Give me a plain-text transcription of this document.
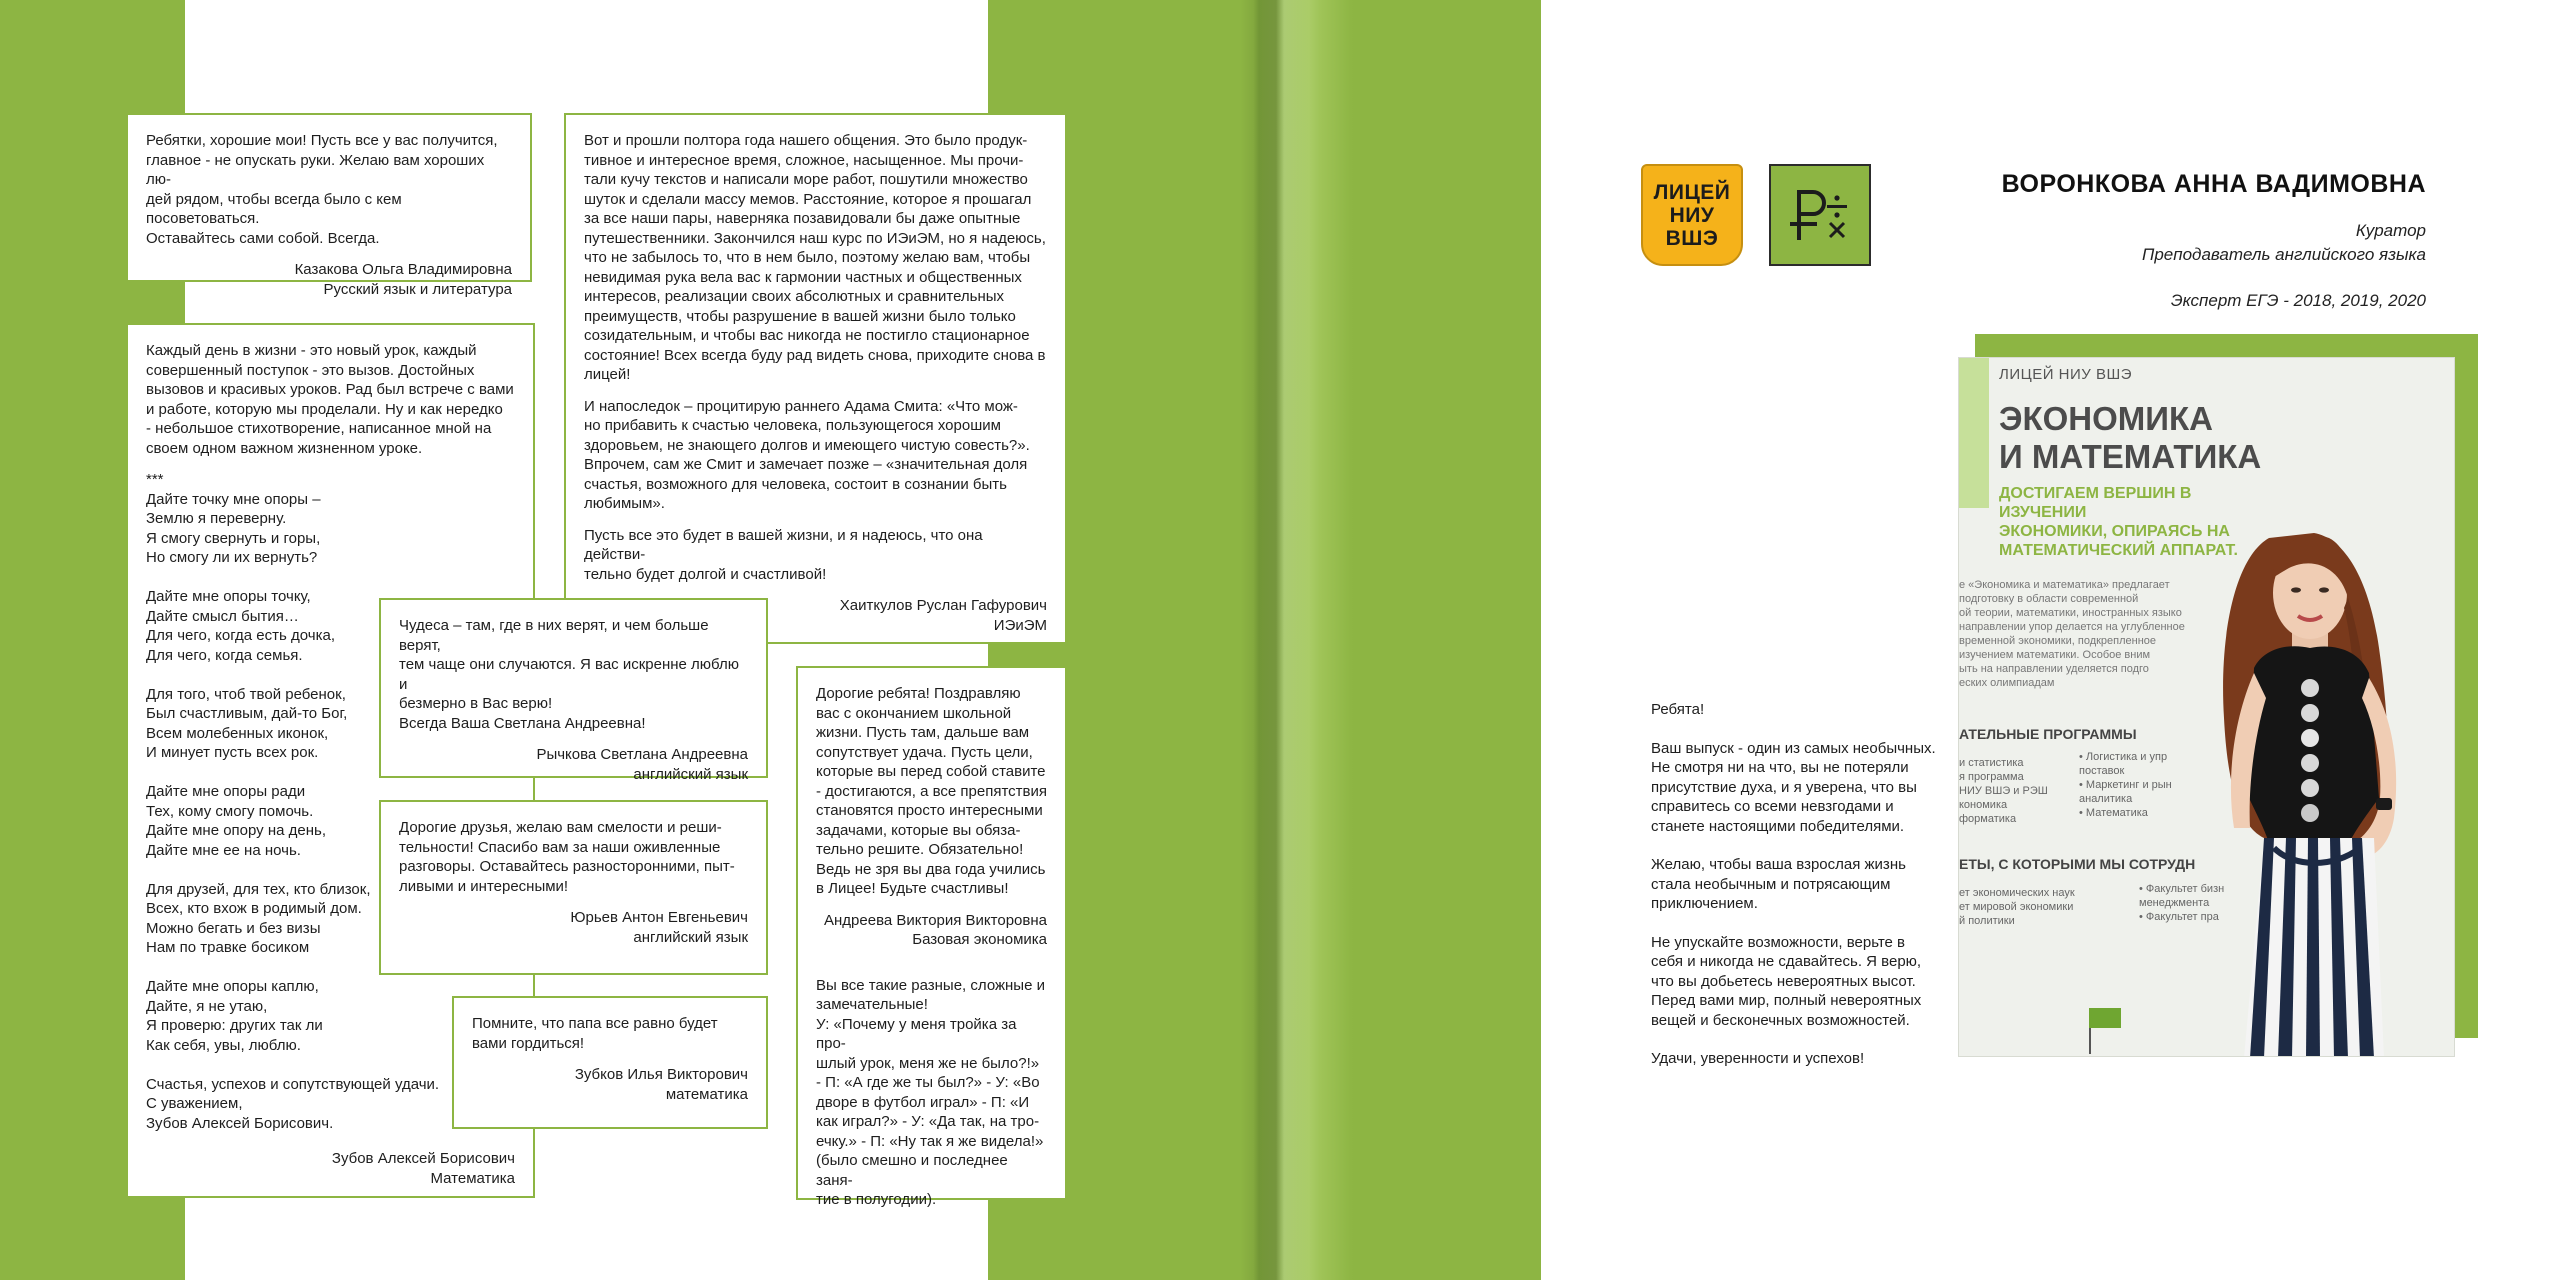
Ребятки, хорошие мои! Пусть все у вас получится,
главное - не опускать руки. Желаю вам хороших лю-
дей рядом, чтобы всегда было с кем посоветоваться.
Оставайтесь сами собой. Всегда.

Казакова Ольга Владимировна
Русский язык и литература

Вот и прошли полтора года нашего общения. Это было продук-
тивное и интересное время, сложное, насыщенное. Мы прочи-
тали кучу текстов и написали море работ, пошутили множество
шуток и сделали массу мемов. Расстояние, которое я прошагал
за все наши пары, наверняка позавидовали бы даже опытные
путешественники. Закончился наш курс по ИЭиЭМ, но я надеюсь,
что не забылось то, что в нем было, поэтому желаю вам, чтобы
невидимая рука вела вас к гармонии частных и общественных
интересов, реализации своих абсолютных и сравнительных
преимуществ, чтобы разрушение в вашей жизни было только
созидательным, и чтобы вас никогда не постигло стационарное
состояние! Всех всегда буду рад видеть снова, приходите снова в
лицей!

И напоследок – процитирую раннего Адама Смита: «Что мож-
но прибавить к счастью человека, пользующегося хорошим
здоровьем, не знающего долгов и имеющего чистую совесть?».
Впрочем, сам же Смит и замечает позже – «значительная доля
счастья, возможного для человека, состоит в сознании быть
любимым».

Пусть все это будет в вашей жизни, и я надеюсь, что она действи-
тельно будет долгой и счастливой!

Хаиткулов Руслан Гафурович
ИЭиЭМ

Каждый день в жизни - это новый урок, каждый
совершенный поступок - это вызов. Достойных
вызовов и красивых уроков. Рад был встрече с вами
и работе, которую мы проделали. Ну и как нередко
- небольшое стихотворение, написанное мной на
своем одном важном жизненном уроке.

***
Дайте точку мне опоры –
Землю я переверну.
Я смогу свернуть и горы,
Но смогу ли их вернуть?

Дайте мне опоры точку,
Дайте смысл бытия…
Для чего, когда есть дочка,
Для чего, когда семья.

Для того, чтоб твой ребенок,
Был счастливым, дай-то Бог,
Всем молебенных иконок,
И минует пусть всех рок.

Дайте мне опоры ради
Тех, кому смогу помочь.
Дайте мне опору на день,
Дайте мне ее на ночь.

Для друзей, для тех, кто близок,
Всех, кто вхож в родимый дом.
Можно бегать и без визы
Нам по травке босиком

Дайте мне опоры каплю,
Дайте, я не утаю,
Я проверю: других так ли
Как себя, увы, люблю.

Счастья, успехов и сопутствующей удачи.
С уважением,
Зубов Алексей Борисович.
Зубов Алексей Борисович
Математика

Чудеса – там, где в них верят, и чем больше верят,
тем чаще они случаются. Я вас искренне люблю и
безмерно в Вас верю!
Всегда Ваша Светлана Андреевна!

Рычкова Светлана Андреевна
английский язык

Дорогие ребята! Поздравляю
вас с окончанием школьной
жизни. Пусть там, дальше вам
сопутствует удача. Пусть цели,
которые вы перед собой ставите
- достигаются, а все препятствия
становятся просто интересными
задачами, которые вы обяза-
тельно решите. Обязательно!
Ведь не зря вы два года учились
в Лицее! Будьте счастливы!

Андреева Виктория Викторовна
Базовая экономика

Вы все такие разные, сложные и
замечательные!
У: «Почему у меня тройка за про-
шлый урок, меня же не было?!»
- П: «А где же ты был?» - У: «Во
дворе в футбол играл» - П: «И
как играл?» - У: «Да так, на тро-
ечку.» - П: «Ну так я же видела!»
(было смешно и последнее заня-
тие в полугодии).

Дорогие друзья, желаю вам смелости и реши-
тельности! Спасибо вам за наши оживленные
разговоры. Оставайтесь разносторонними, пыт-
ливыми и интересными!

Юрьев Антон Евгеньевич
английский язык

Помните, что папа все равно будет
вами гордиться!

Зубков Илья Викторович
математика
ЛИЦЕЙ
НИУ
ВШЭ
ВОРОНКОВА АННА ВАДИМОВНА
Куратор
Преподаватель английского языка
Эксперт ЕГЭ - 2018, 2019, 2020
ЛИЦЕЙ НИУ ВШЭ
ЭКОНОМИКА
И МАТЕМАТИКА
ДОСТИГАЕМ ВЕРШИН В ИЗУЧЕНИИ
ЭКОНОМИКИ, ОПИРАЯСЬ НА
МАТЕМАТИЧЕСКИЙ АППАРАТ.
е «Экономика и математика» предлагает
подготовку в области современной
ой теории, математики, иностранных языко
направлении упор делается на углубленное
временной экономики, подкрепленное
изучением математики. Особое вним
ыть на направлении уделяется подго
еских олимпиадам
АТЕЛЬНЫЕ ПРОГРАММЫ
и статистика
я программа
НИУ ВШЭ и РЭШ
кономика
форматика
• Логистика и упр
поставок
• Маркетинг и рын
аналитика
• Математика
ЕТЫ, С КОТОРЫМИ МЫ СОТРУДН
ет экономических наук
ет мировой экономики
й политики
• Факультет бизн
менеджмента
• Факультет пра

Ребята!

Ваш выпуск - один из самых необычных.
Не смотря ни на что, вы не потеряли
присутствие духа, и я уверена, что вы
справитесь со всеми невзгодами и
станете настоящими победителями.

Желаю, чтобы ваша взрослая жизнь
стала необычным и потрясающим
приключением.

Не упускайте возможности, верьте в
себя и никогда не сдавайтесь. Я верю,
что вы добьетесь невероятных высот.
Перед вами мир, полный невероятных
вещей и бесконечных возможностей.

Удачи, уверенности и успехов!
